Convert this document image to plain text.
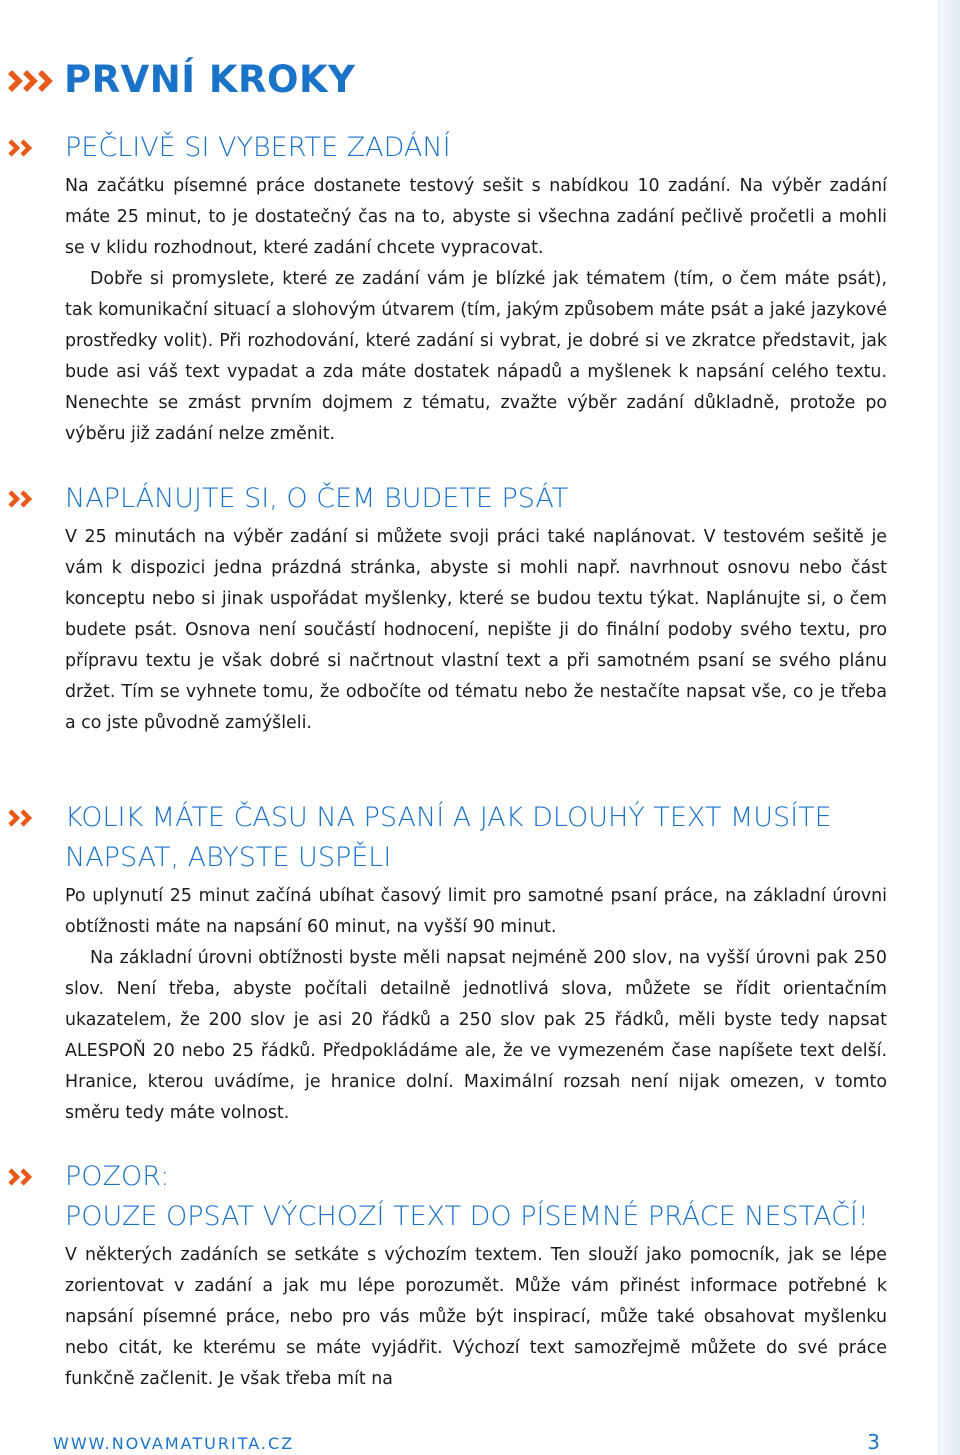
PRVNÍ KROKY
PEČLIVĚ SI VYBERTE ZADÁNÍ

Na začátku písemné práce dostanete testový sešit s nabídkou 10 zadání. Na výběr zadání máte 25 minut, to je dostatečný čas na to, abyste si všechna zadání pečlivě pročetli a mohli se v klidu rozhodnout, které zadání chcete vypracovat.

Dobře si promyslete, které ze zadání vám je blízké jak tématem (tím, o čem máte psát), tak komunikační situací a slohovým útvarem (tím, jakým způsobem máte psát a jaké jazykové prostředky volit). Při rozhodování, které zadání si vybrat, je dobré si ve zkratce představit, jak bude asi váš text vypadat a zda máte dostatek nápadů a myšlenek k napsání celého textu. Nenechte se zmást prvním dojmem z tématu, zvažte výběr zadání důkladně, protože po výběru již zadání nelze změnit.

NAPLÁNUJTE SI, O ČEM BUDETE PSÁT

V 25 minutách na výběr zadání si můžete svoji práci také naplánovat. V testovém sešitě je vám k dispozici jedna prázdná stránka, abyste si mohli např. navrhnout osnovu nebo část konceptu nebo si jinak uspořádat myšlenky, které se budou textu týkat. Naplánujte si, o čem budete psát. Osnova není součástí hodnocení, nepište ji do finální podoby svého textu, pro přípravu textu je však dobré si načrtnout vlastní text a při samotném psaní se svého plánu držet. Tím se vyhnete tomu, že odbočíte od tématu nebo že nestačíte napsat vše, co je třeba a co jste původně zamýšleli.

KOLIK MÁTE ČASU NA PSANÍ A JAK DLOUHÝ TEXT MUSÍTE
NAPSAT, ABYSTE USPĚLI

Po uplynutí 25 minut začíná ubíhat časový limit pro samotné psaní práce, na základní úrovni obtížnosti máte na napsání 60 minut, na vyšší 90 minut.

Na základní úrovni obtížnosti byste měli napsat nejméně 200 slov, na vyšší úrovni pak 250 slov. Není třeba, abyste počítali detailně jednotlivá slova, můžete se řídit orientačním ukazatelem, že 200 slov je asi 20 řádků a 250 slov pak 25 řádků, měli byste tedy napsat ALESPOŇ 20 nebo 25 řádků. Předpokládáme ale, že ve vymezeném čase napíšete text delší. Hranice, kterou uvádíme, je hranice dolní. Maximální rozsah není nijak omezen, v tomto směru tedy máte volnost.

POZOR:
POUZE OPSAT VÝCHOZÍ TEXT DO PÍSEMNÉ PRÁCE NESTAČÍ!

V některých zadáních se setkáte s výchozím textem. Ten slouží jako pomocník, jak se lépe zorientovat v zadání a jak mu lépe porozumět. Může vám přinést informace potřebné k napsání písemné práce, nebo pro vás může být inspirací, může také obsahovat myšlenku nebo citát, ke kterému se máte vyjádřit. Výchozí text samozřejmě můžete do své práce funkčně začlenit. Je však třeba mít na

WWW.NOVAMATURITA.CZ	3
